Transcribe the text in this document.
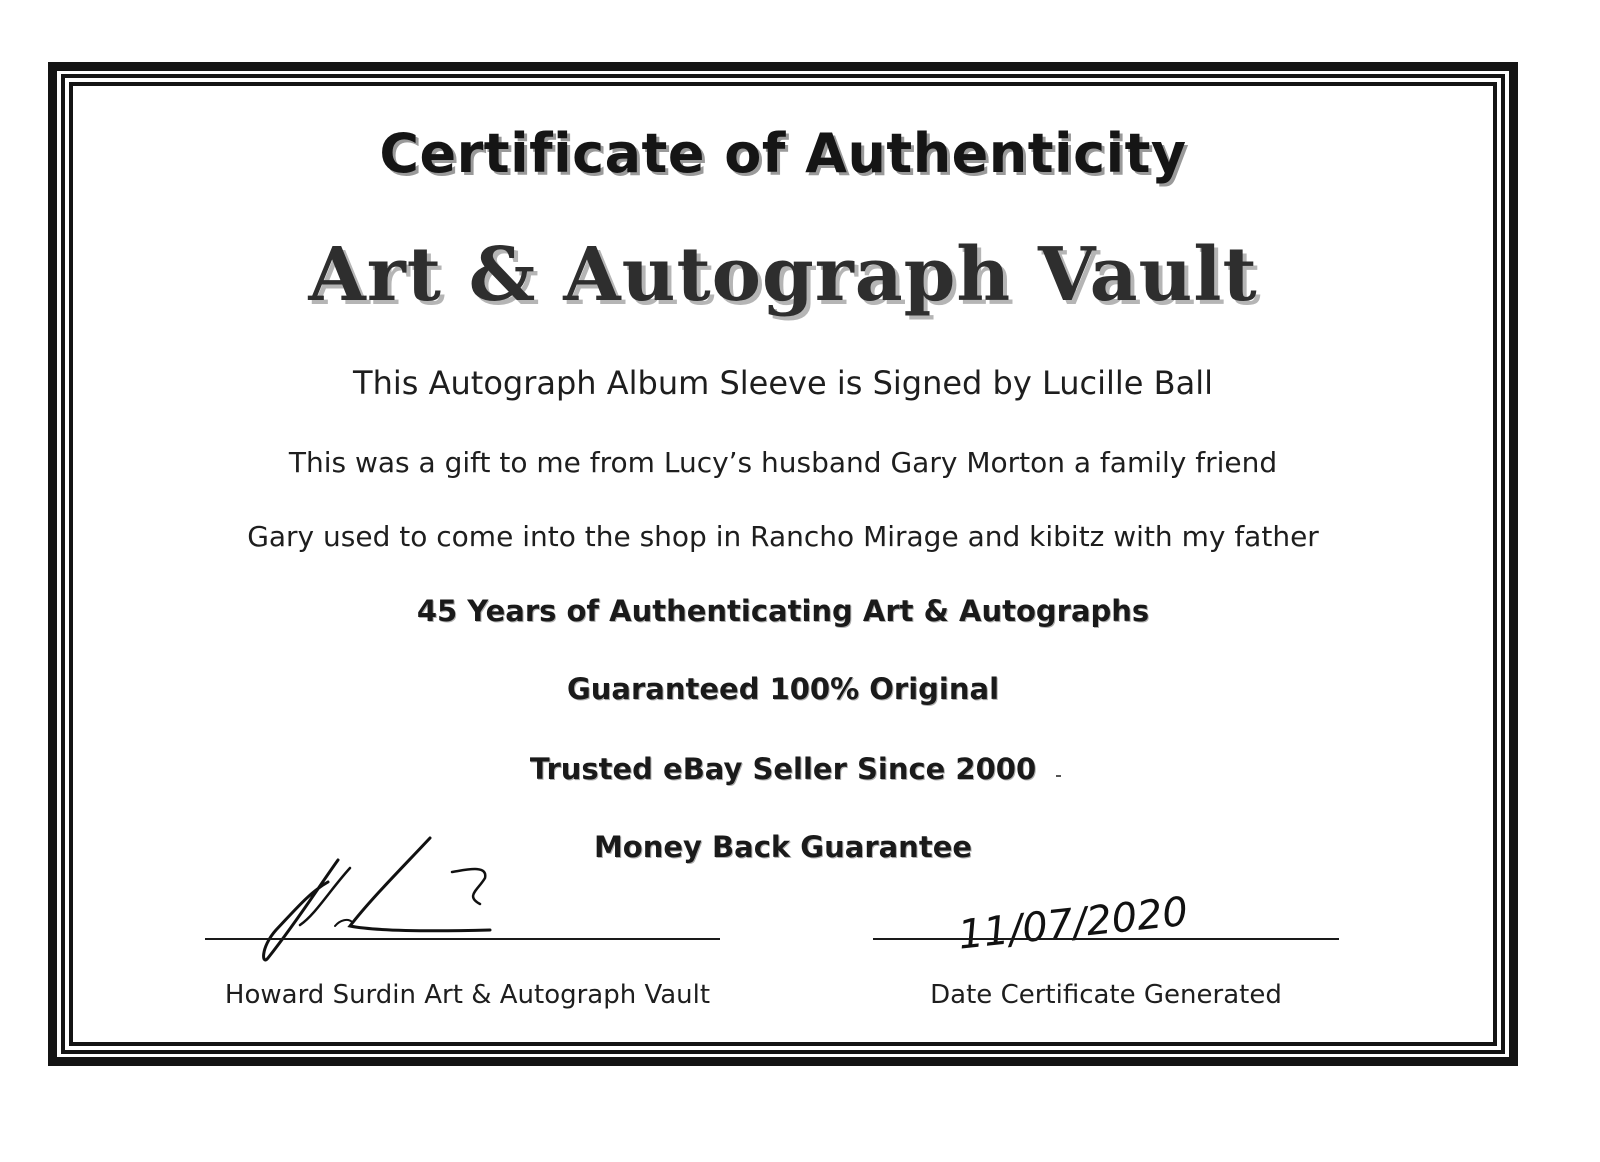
Certificate of Authenticity
Art & Autograph Vault
This Autograph Album Sleeve is Signed by Lucille Ball
This was a gift to me from Lucy’s husband Gary Morton a family friend
Gary used to come into the shop in Rancho Mirage and kibitz with my father
45 Years of Authenticating Art & Autographs
Guaranteed 100% Original
Trusted eBay Seller Since 2000
Money Back Guarantee
11/07/2020
Howard Surdin Art & Autograph Vault	Date Certificate Generated
